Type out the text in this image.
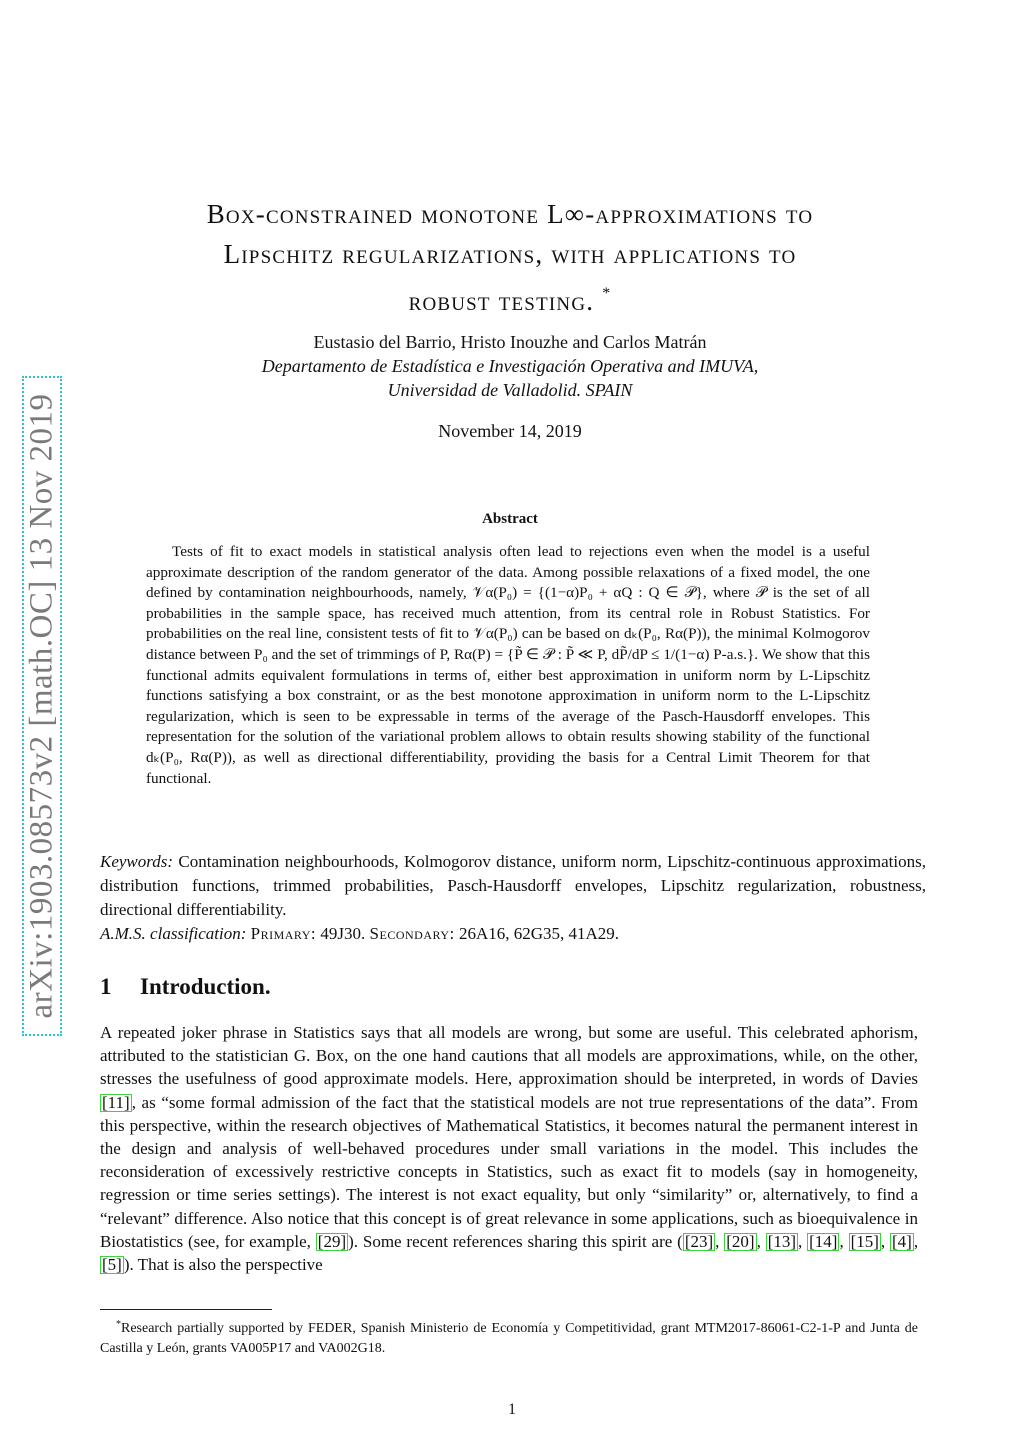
arXiv:1903.08573v2 [math.OC] 13 Nov 2019
Box-constrained monotone L∞-approximations to
Lipschitz regularizations, with applications to
robust testing. *
Eustasio del Barrio, Hristo Inouzhe and Carlos Matrán
Departamento de Estadística e Investigación Operativa and IMUVA,
Universidad de Valladolid. SPAIN
November 14, 2019
Abstract

Tests of fit to exact models in statistical analysis often lead to rejections even when the model is a useful approximate description of the random generator of the data. Among possible relaxations of a fixed model, the one defined by contamination neighbourhoods, namely, 𝒱α(P₀) = {(1−α)P₀ + αQ : Q ∈ 𝒫}, where 𝒫 is the set of all probabilities in the sample space, has received much attention, from its central role in Robust Statistics. For probabilities on the real line, consistent tests of fit to 𝒱α(P₀) can be based on dₖ(P₀, Rα(P)), the minimal Kolmogorov distance between P₀ and the set of trimmings of P, Rα(P) = {P̃ ∈ 𝒫 : P̃ ≪ P, dP̃/dP ≤ 1/(1−α) P-a.s.}. We show that this functional admits equivalent formulations in terms of, either best approximation in uniform norm by L-Lipschitz functions satisfying a box constraint, or as the best monotone approximation in uniform norm to the L-Lipschitz regularization, which is seen to be expressable in terms of the average of the Pasch-Hausdorff envelopes. This representation for the solution of the variational problem allows to obtain results showing stability of the functional dₖ(P₀, Rα(P)), as well as directional differentiability, providing the basis for a Central Limit Theorem for that functional.

Keywords: Contamination neighbourhoods, Kolmogorov distance, uniform norm, Lipschitz-continuous approximations, distribution functions, trimmed probabilities, Pasch-Hausdorff envelopes, Lipschitz regularization, robustness, directional differentiability.

A.M.S. classification: Primary: 49J30. Secondary: 26A16, 62G35, 41A29.
1 Introduction.

A repeated joker phrase in Statistics says that all models are wrong, but some are useful. This celebrated aphorism, attributed to the statistician G. Box, on the one hand cautions that all models are approximations, while, on the other, stresses the usefulness of good approximate models. Here, approximation should be interpreted, in words of Davies [11] , as “some formal admission of the fact that the statistical models are not true representations of the data”. From this perspective, within the research objectives of Mathematical Statistics, it becomes natural the permanent interest in the design and analysis of well-behaved procedures under small variations in the model. This includes the reconsideration of excessively restrictive concepts in Statistics, such as exact fit to models (say in homogeneity, regression or time series settings). The interest is not exact equality, but only “similarity” or, alternatively, to find a “relevant” difference. Also notice that this concept is of great relevance in some applications, such as bioequivalence in Biostatistics (see, for example, [29] ). Some recent references sharing this spirit are ( [23] , [20] , [13] , [14] , [15] , [4] , [5] ). That is also the perspective

*Research partially supported by FEDER, Spanish Ministerio de Economía y Competitividad, grant MTM2017-86061-C2-1-P and Junta de Castilla y León, grants VA005P17 and VA002G18.

1
